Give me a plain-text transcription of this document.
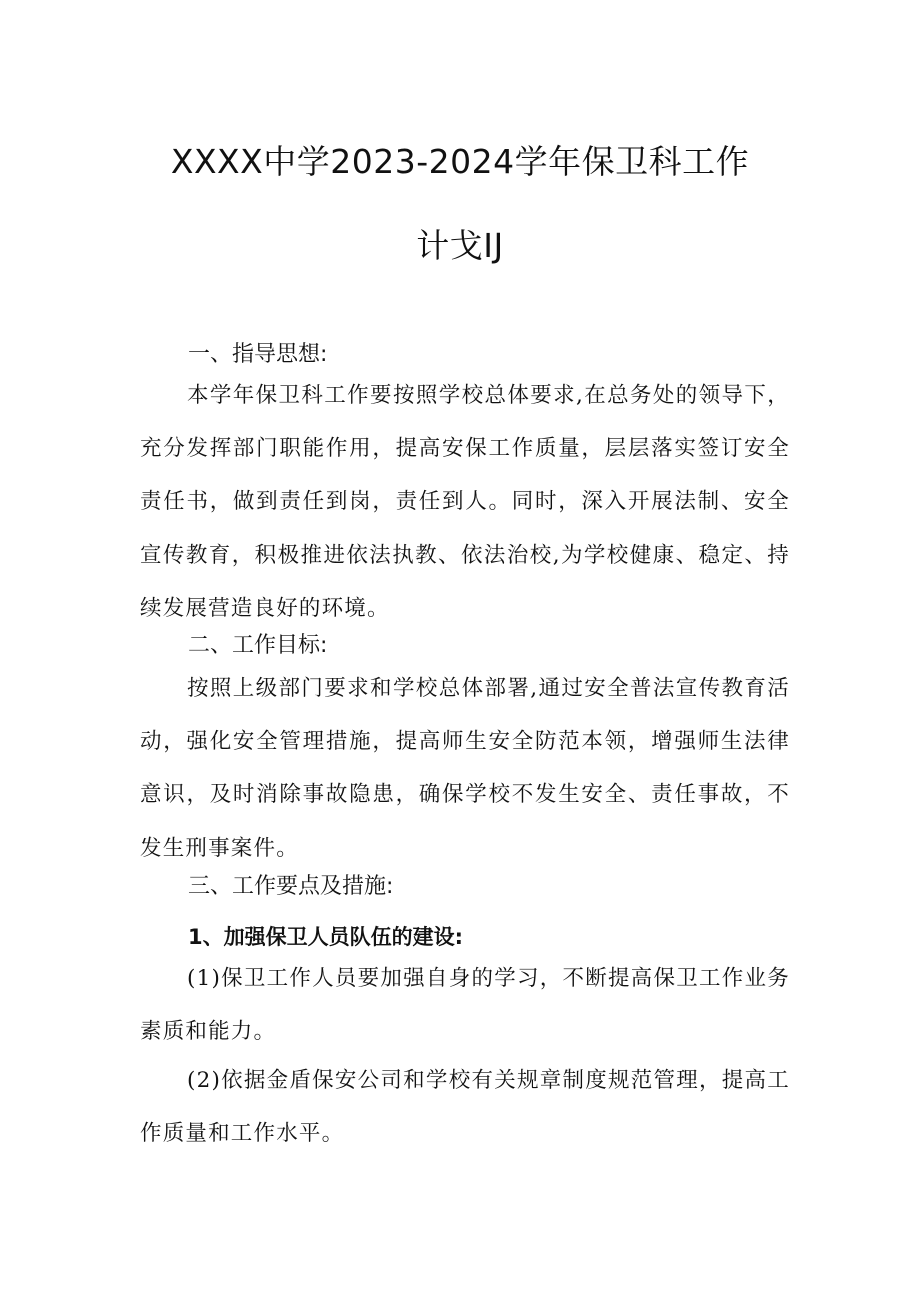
XXXX中学2023-2024学年保卫科工作
计戈IJ
一、指导思想:

本学年保卫科工作要按照学校总体要求,在总务处的领导下，充分发挥部门职能作用，提高安保工作质量，层层落实签订安全责任书，做到责任到岗，责任到人。同时，深入开展法制、安全宣传教育，积极推进依法执教、依法治校,为学校健康、稳定、持续发展营造良好的环境。

二、工作目标:

按照上级部门要求和学校总体部署,通过安全普法宣传教育活动，强化安全管理措施，提高师生安全防范本领，增强师生法律意识，及时消除事故隐患，确保学校不发生安全、责任事故，不发生刑事案件。

三、工作要点及措施:
1、加强保卫人员队伍的建设:

(1)保卫工作人员要加强自身的学习，不断提高保卫工作业务素质和能力。

(2)依据金盾保安公司和学校有关规章制度规范管理，提高工作质量和工作水平。
